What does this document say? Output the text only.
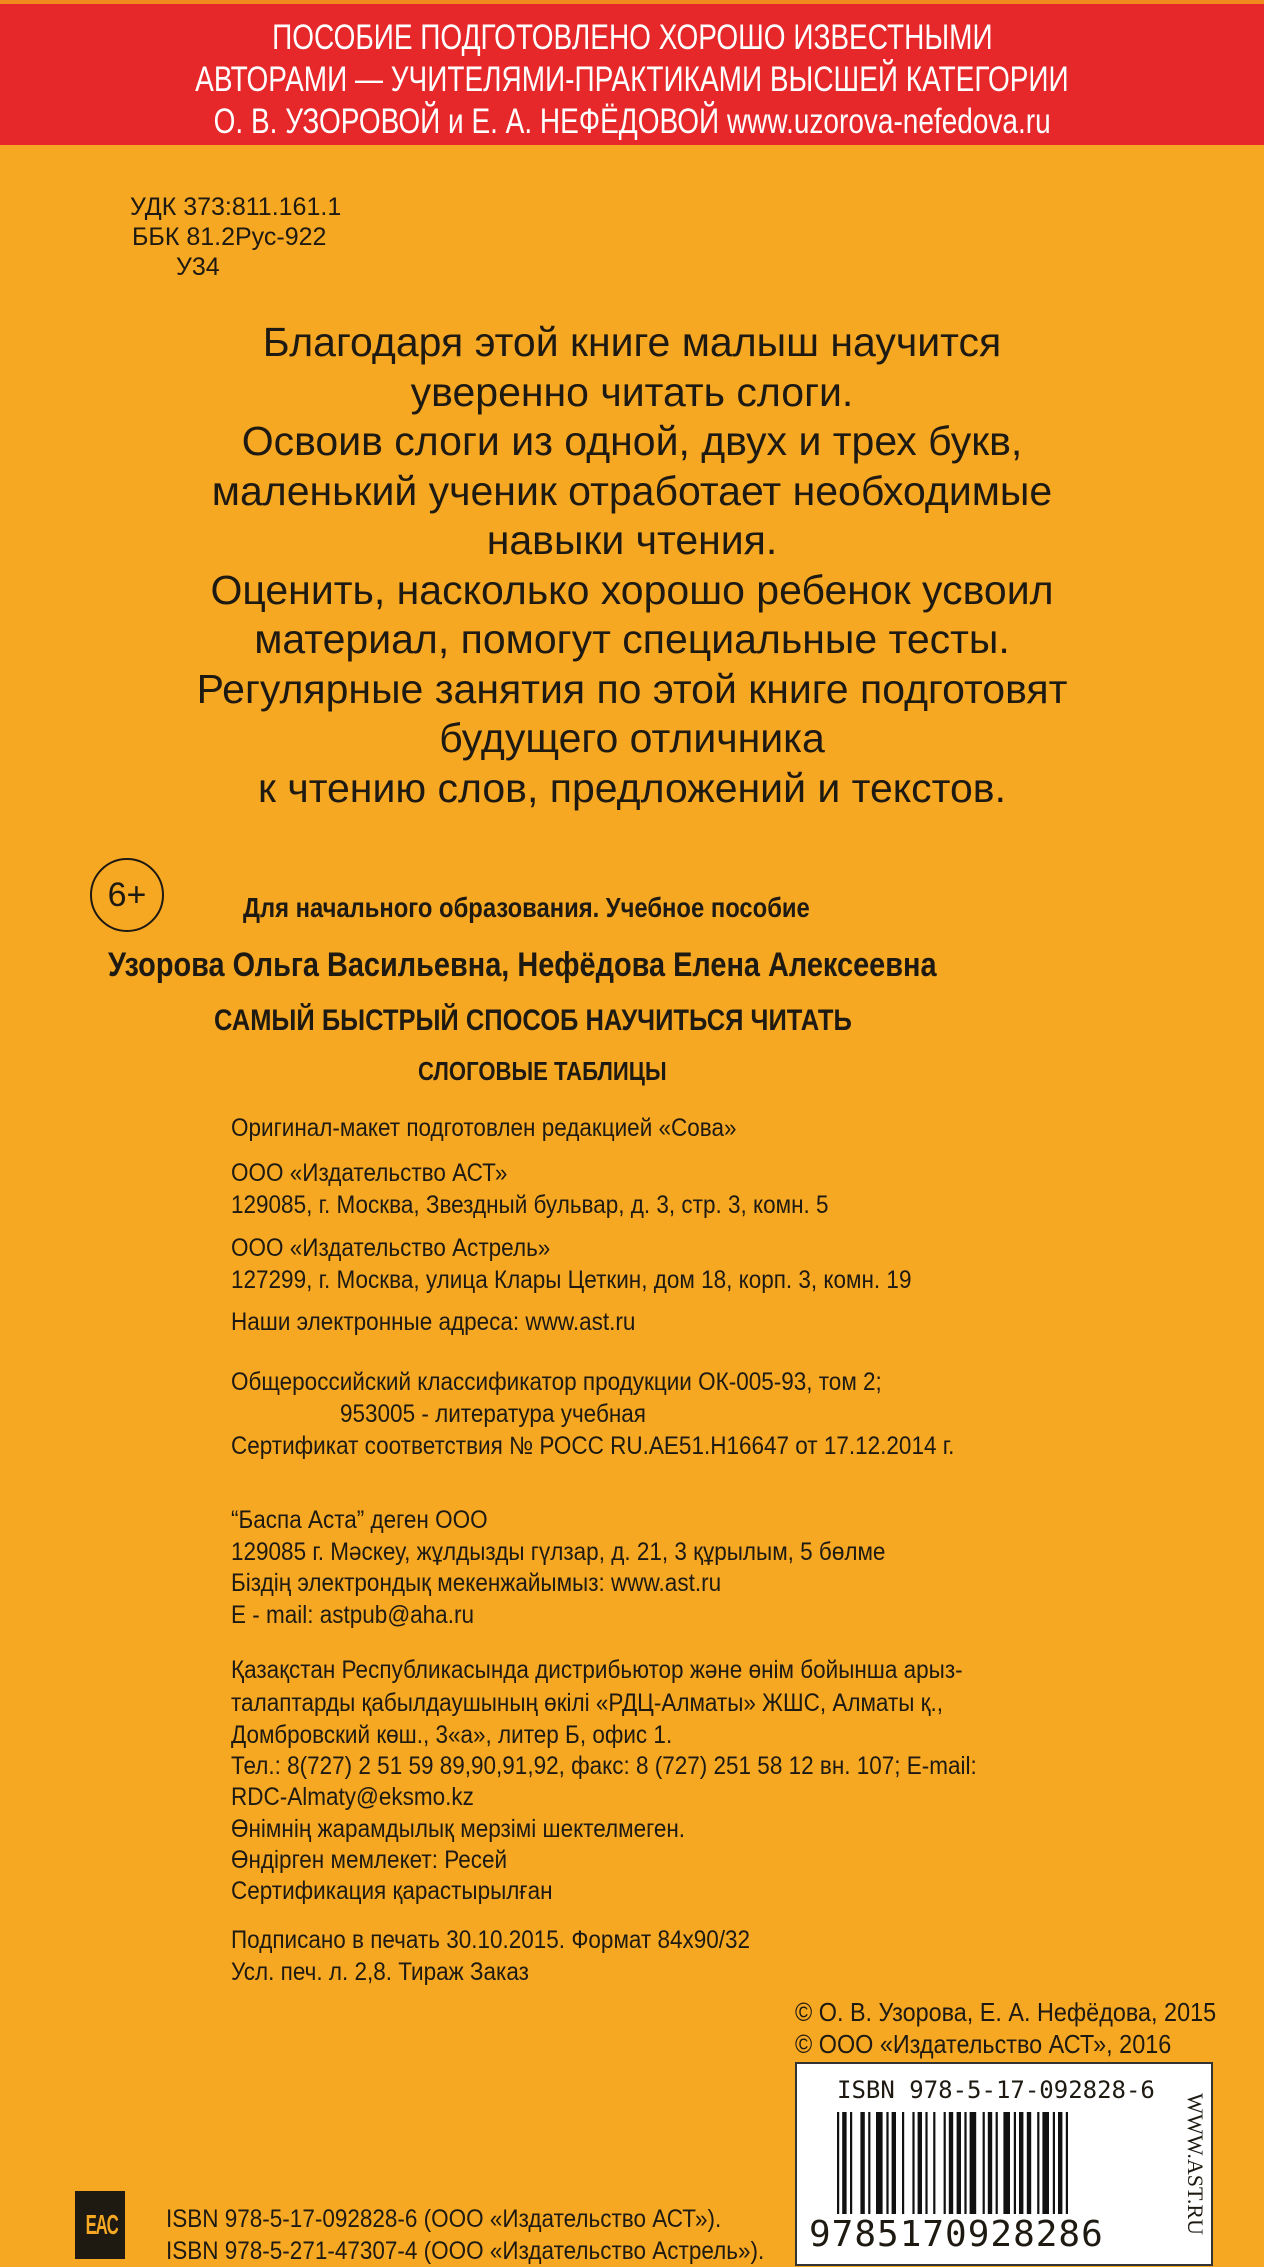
ПОСОБИЕ ПОДГОТОВЛЕНО ХОРОШО ИЗВЕСТНЫМИ
АВТОРАМИ — УЧИТЕЛЯМИ-ПРАКТИКАМИ ВЫСШЕЙ КАТЕГОРИИ
О. В. УЗОРОВОЙ и Е. А. НЕФЁДОВОЙ www.uzorova-nefedova.ru
УДК 373:811.161.1
ББК 81.2Рус-922
У34
Благодаря этой книге малыш научится
уверенно читать слоги.
Освоив слоги из одной, двух и трех букв,
маленький ученик отработает необходимые
навыки чтения.
Оценить, насколько хорошо ребенок усвоил
материал, помогут специальные тесты.
Регулярные занятия по этой книге подготовят
будущего отличника
к чтению слов, предложений и текстов.
6+	Для начального образования. Учебное пособие
Узорова Ольга Васильевна, Нефёдова Елена Алексеевна
САМЫЙ БЫСТРЫЙ СПОСОБ НАУЧИТЬСЯ ЧИТАТЬ
СЛОГОВЫЕ ТАБЛИЦЫ
Оригинал-макет подготовлен редакцией «Сова»
ООО «Издательство АСТ»
129085, г. Москва, Звездный бульвар, д. 3, стр. 3, комн. 5
ООО «Издательство Астрель»
127299, г. Москва, улица Клары Цеткин, дом 18, корп. 3, комн. 19
Наши электронные адреса: www.ast.ru
Общероссийский классификатор продукции ОК-005-93, том 2;
953005 - литература учебная
Сертификат соответствия № РОСС RU.AE51.H16647 от 17.12.2014 г.
“Баспа Аста” деген ООО
129085 г. Мәскеу, жұлдызды гүлзар, д. 21, 3 құрылым, 5 бөлме
Біздің электрондық мекенжайымыз: www.ast.ru
E - mail: astpub@aha.ru
Қазақстан Республикасында дистрибьютор және өнім бойынша арыз-
талаптарды қабылдаушының өкілі «РДЦ-Алматы» ЖШС, Алматы қ.,
Домбровский көш., 3«а», литер Б, офис 1.
Тел.: 8(727) 2 51 59 89,90,91,92, факс: 8 (727) 251 58 12 вн. 107; E-mail:
RDC-Almaty@eksmo.kz
Өнімнің жарамдылық мерзімі шектелмеген.
Өндірген мемлекет: Ресей
Сертификация қарастырылған
Подписано в печать 30.10.2015. Формат 84x90/32
Усл. печ. л. 2,8. Тираж Заказ
© О. В. Узорова, Е. А. Нефёдова, 2015
© ООО «Издательство АСТ», 2016
ISBN 978-5-17-092828-6
9785170928286	WWW.AST.RU
EAC	ISBN 978-5-17-092828-6 (ООО «Издательство АСТ»).
ISBN 978-5-271-47307-4 (ООО «Издательство Астрель»).
